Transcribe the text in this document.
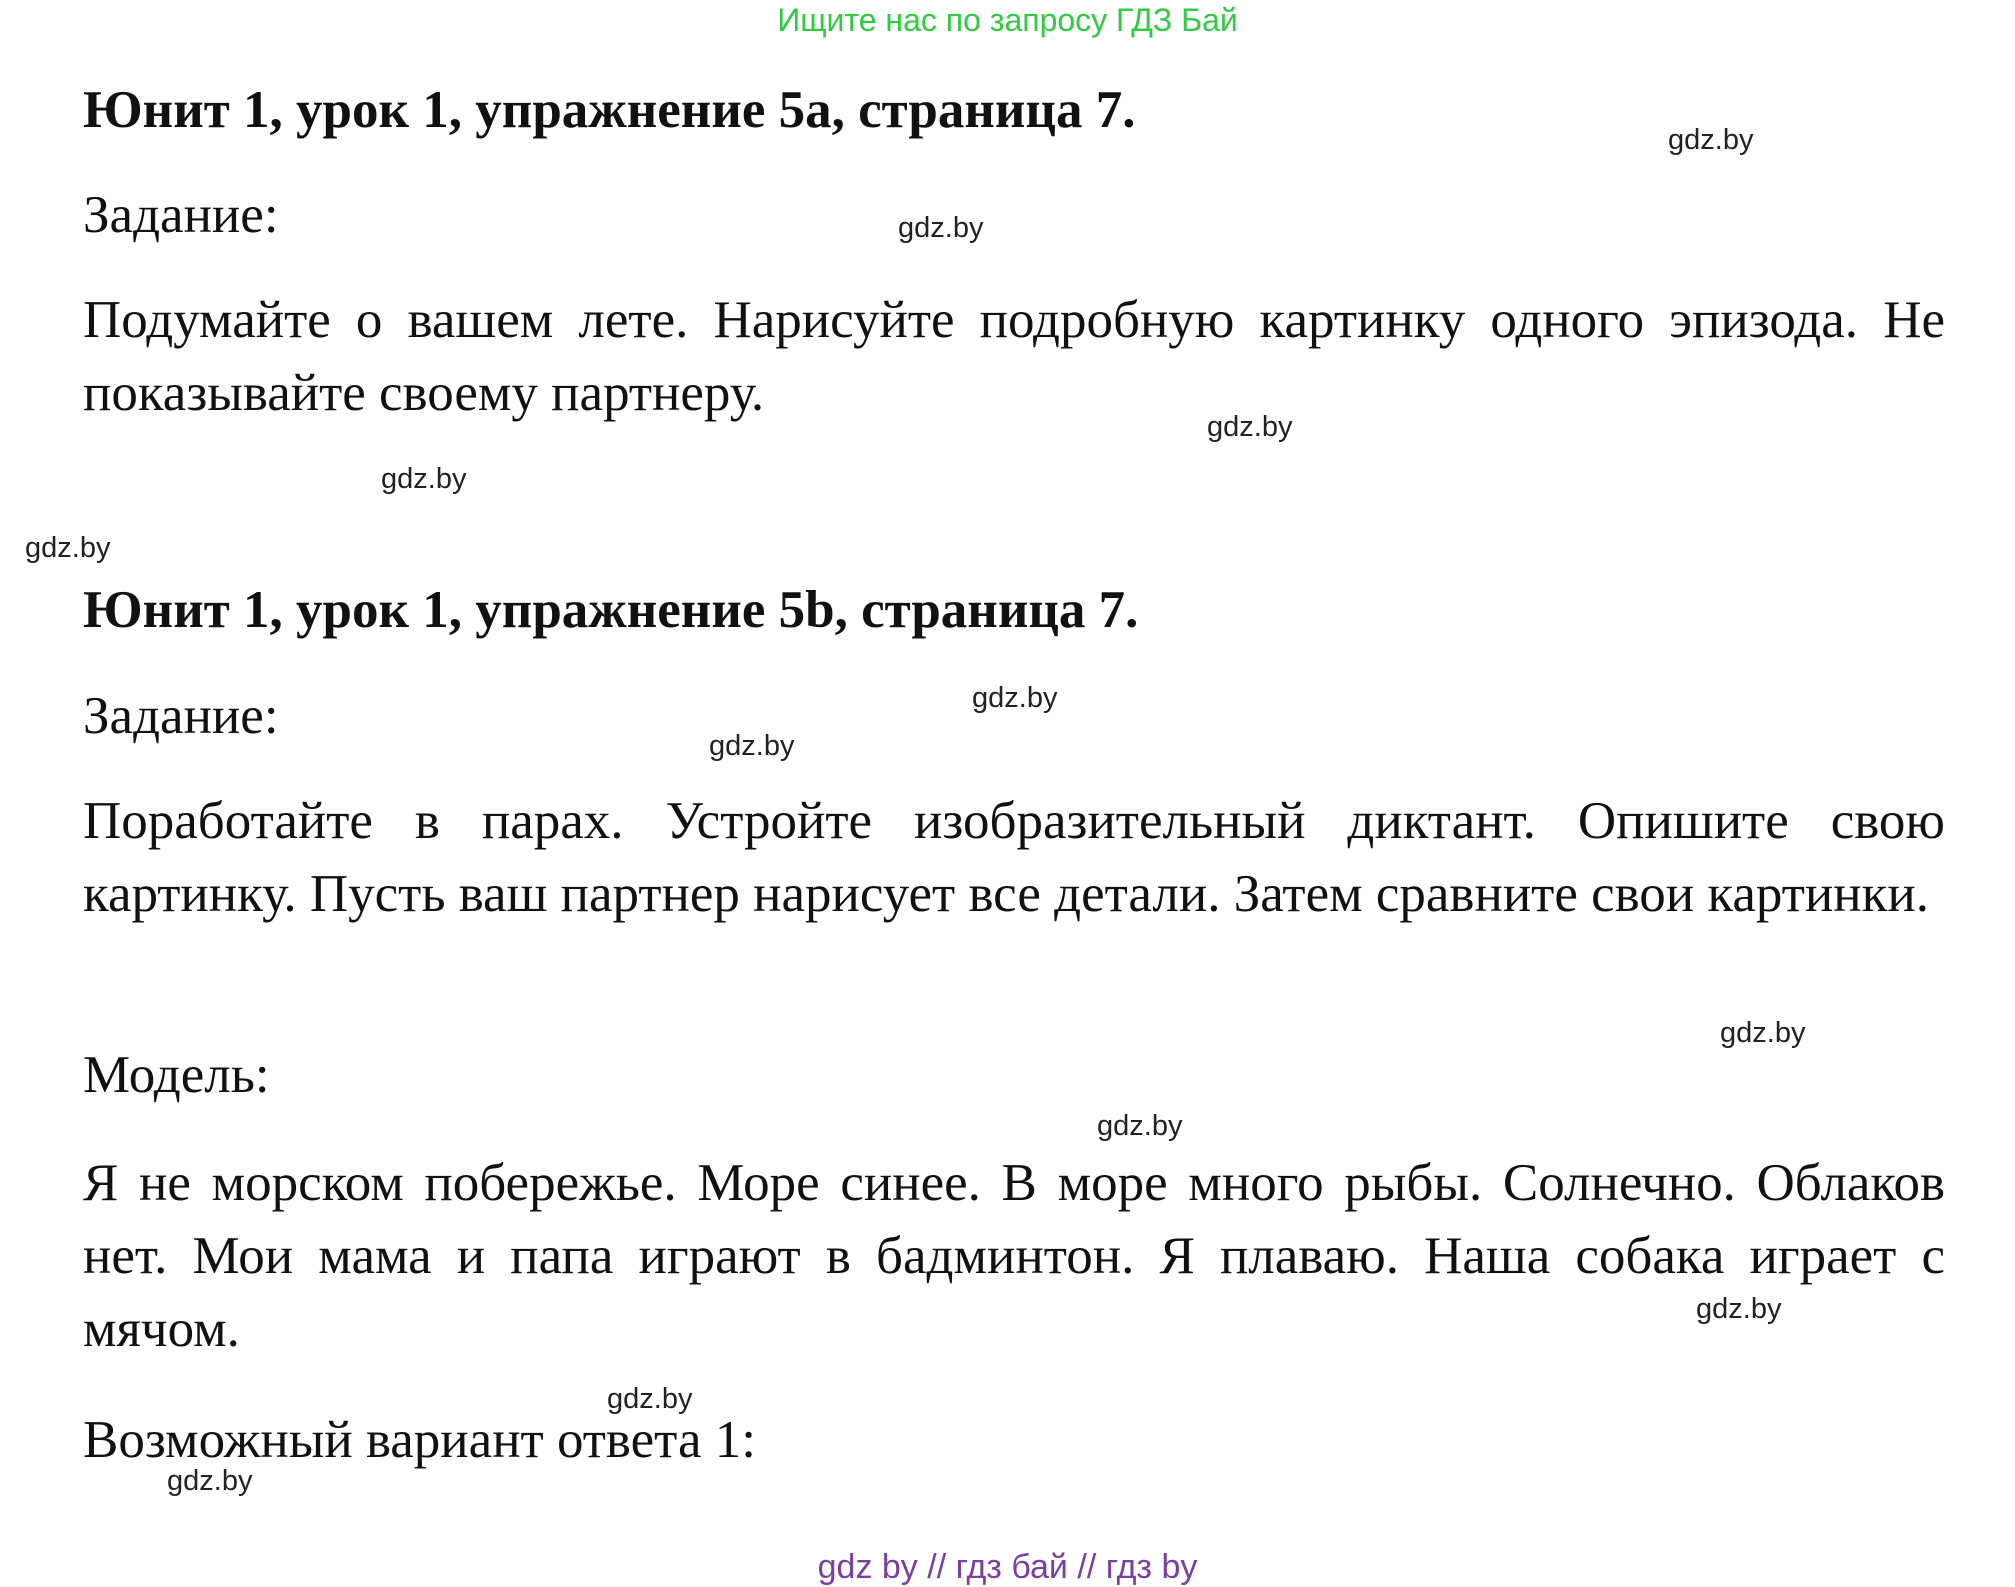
Ищите нас по запросу ГДЗ Бай
Юнит 1, урок 1, упражнение 5а, страница 7.
Задание:
Подумайте о вашем лете. Нарисуйте подробную картинку одного эпизода. Не показывайте своему партнеру.
Юнит 1, урок 1, упражнение 5b, страница 7.
Задание:
Поработайте в парах. Устройте изобразительный диктант. Опишите свою картинку. Пусть ваш партнер нарисует все детали. Затем сравните свои картинки.
Модель:
Я не морском побережье. Море синее. В море много рыбы. Солнечно. Облаков нет. Мои мама и папа играют в бадминтон. Я плаваю. Наша собака играет с мячом.
Возможный вариант ответа 1:
gdz.by
gdz.by
gdz.by
gdz.by
gdz.by
gdz.by
gdz.by
gdz.by
gdz.by
gdz.by
gdz.by
gdz.by
gdz by // гдз бай // гдз by
